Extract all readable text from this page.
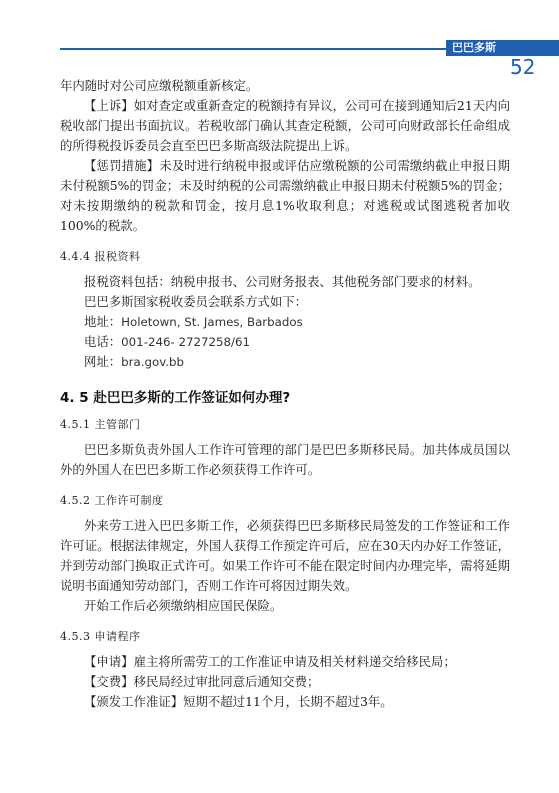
巴巴多斯
52

年内随时对公司应缴税额重新核定。

【上诉】如对查定或重新查定的税额持有异议，公司可在接到通知后21天内向税收部门提出书面抗议。若税收部门确认其查定税额，公司可向财政部长任命组成的所得税投诉委员会直至巴巴多斯高级法院提出上诉。

【惩罚措施】未及时进行纳税申报或评估应缴税额的公司需缴纳截止申报日期未付税额5%的罚金；未及时纳税的公司需缴纳截止申报日期未付税额5%的罚金；对未按期缴纳的税款和罚金，按月息1%收取利息；对逃税或试图逃税者加收100%的税款。

4.4.4 报税资料

报税资料包括：纳税申报书、公司财务报表、其他税务部门要求的材料。

巴巴多斯国家税收委员会联系方式如下：

地址：Holetown, St. James, Barbados

电话：001-246- 2727258/61

网址：bra.gov.bb

4. 5 赴巴巴多斯的工作签证如何办理?
4.5.1 主管部门

巴巴多斯负责外国人工作许可管理的部门是巴巴多斯移民局。加共体成员国以外的外国人在巴巴多斯工作必须获得工作许可。

4.5.2 工作许可制度

外来劳工进入巴巴多斯工作，必须获得巴巴多斯移民局签发的工作签证和工作许可证。根据法律规定，外国人获得工作预定许可后，应在30天内办好工作签证，并到劳动部门换取正式许可。如果工作许可不能在限定时间内办理完毕，需将延期说明书面通知劳动部门，否则工作许可将因过期失效。

开始工作后必须缴纳相应国民保险。

4.5.3 申请程序

【申请】雇主将所需劳工的工作准证申请及相关材料递交给移民局；

【交费】移民局经过审批同意后通知交费；

【颁发工作准证】短期不超过11个月，长期不超过3年。
